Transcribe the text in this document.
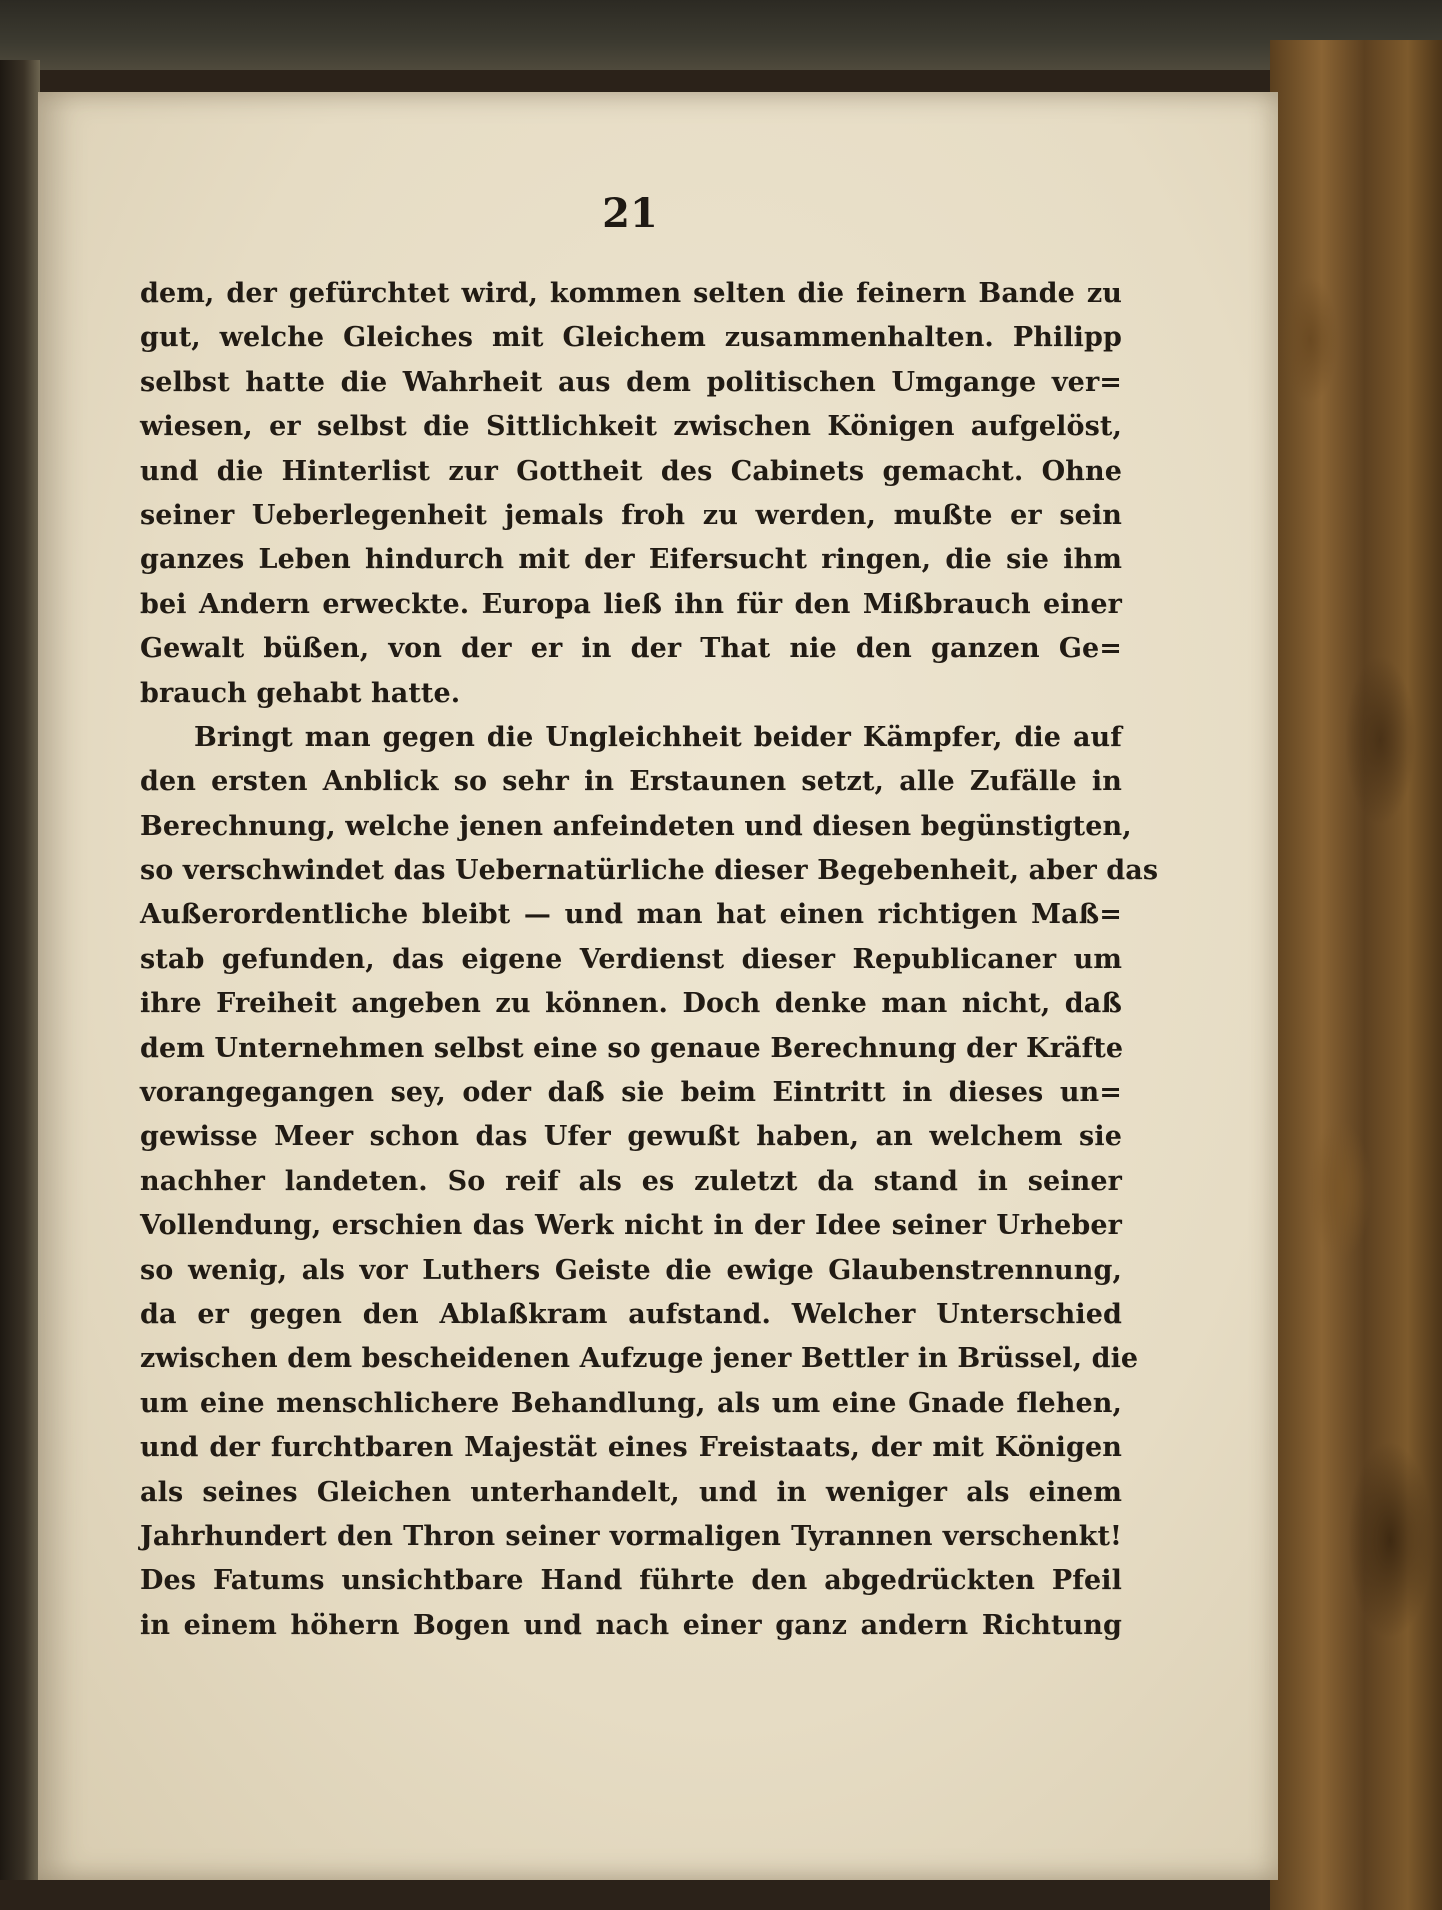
21
dem, der gefürchtet wird, kommen selten die feinern Bande zu
gut, welche Gleiches mit Gleichem zusammenhalten. Philipp
selbst hatte die Wahrheit aus dem politischen Umgange ver=
wiesen, er selbst die Sittlichkeit zwischen Königen aufgelöst,
und die Hinterlist zur Gottheit des Cabinets gemacht. Ohne
seiner Ueberlegenheit jemals froh zu werden, mußte er sein
ganzes Leben hindurch mit der Eifersucht ringen, die sie ihm
bei Andern erweckte. Europa ließ ihn für den Mißbrauch einer
Gewalt büßen, von der er in der That nie den ganzen Ge=
brauch gehabt hatte.
Bringt man gegen die Ungleichheit beider Kämpfer, die auf
den ersten Anblick so sehr in Erstaunen setzt, alle Zufälle in
Berechnung, welche jenen anfeindeten und diesen begünstigten,
so verschwindet das Uebernatürliche dieser Begebenheit, aber das
Außerordentliche bleibt — und man hat einen richtigen Maß=
stab gefunden, das eigene Verdienst dieser Republicaner um
ihre Freiheit angeben zu können. Doch denke man nicht, daß
dem Unternehmen selbst eine so genaue Berechnung der Kräfte
vorangegangen sey, oder daß sie beim Eintritt in dieses un=
gewisse Meer schon das Ufer gewußt haben, an welchem sie
nachher landeten. So reif als es zuletzt da stand in seiner
Vollendung, erschien das Werk nicht in der Idee seiner Urheber
so wenig, als vor Luthers Geiste die ewige Glaubenstrennung,
da er gegen den Ablaßkram aufstand. Welcher Unterschied
zwischen dem bescheidenen Aufzuge jener Bettler in Brüssel, die
um eine menschlichere Behandlung, als um eine Gnade flehen,
und der furchtbaren Majestät eines Freistaats, der mit Königen
als seines Gleichen unterhandelt, und in weniger als einem
Jahrhundert den Thron seiner vormaligen Tyrannen verschenkt!
Des Fatums unsichtbare Hand führte den abgedrückten Pfeil
in einem höhern Bogen und nach einer ganz andern Richtung
